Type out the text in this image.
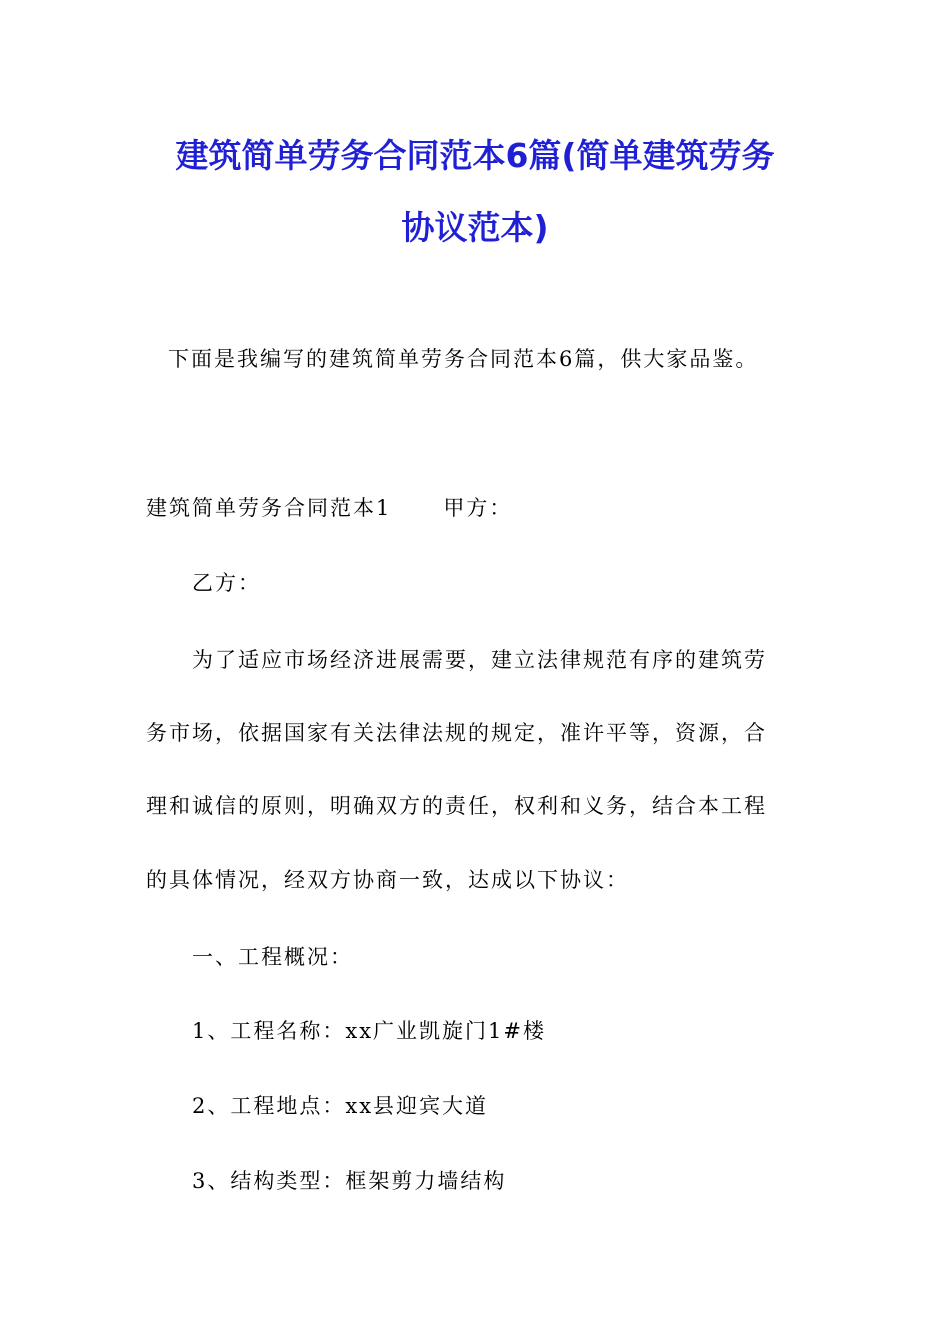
建筑简单劳务合同范本6篇(简单建筑劳务
协议范本)
下面是我编写的建筑简单劳务合同范本6篇，供大家品鉴。
建筑简单劳务合同范本1 甲方：
乙方：
为了适应市场经济进展需要，建立法律规范有序的建筑劳
务市场，依据国家有关法律法规的规定，准许平等，资源，合
理和诚信的原则，明确双方的责任，权利和义务，结合本工程
的具体情况，经双方协商一致，达成以下协议：
一、工程概况：
1、工程名称：xx广业凯旋门1#楼
2、工程地点：xx县迎宾大道
3、结构类型：框架剪力墙结构
